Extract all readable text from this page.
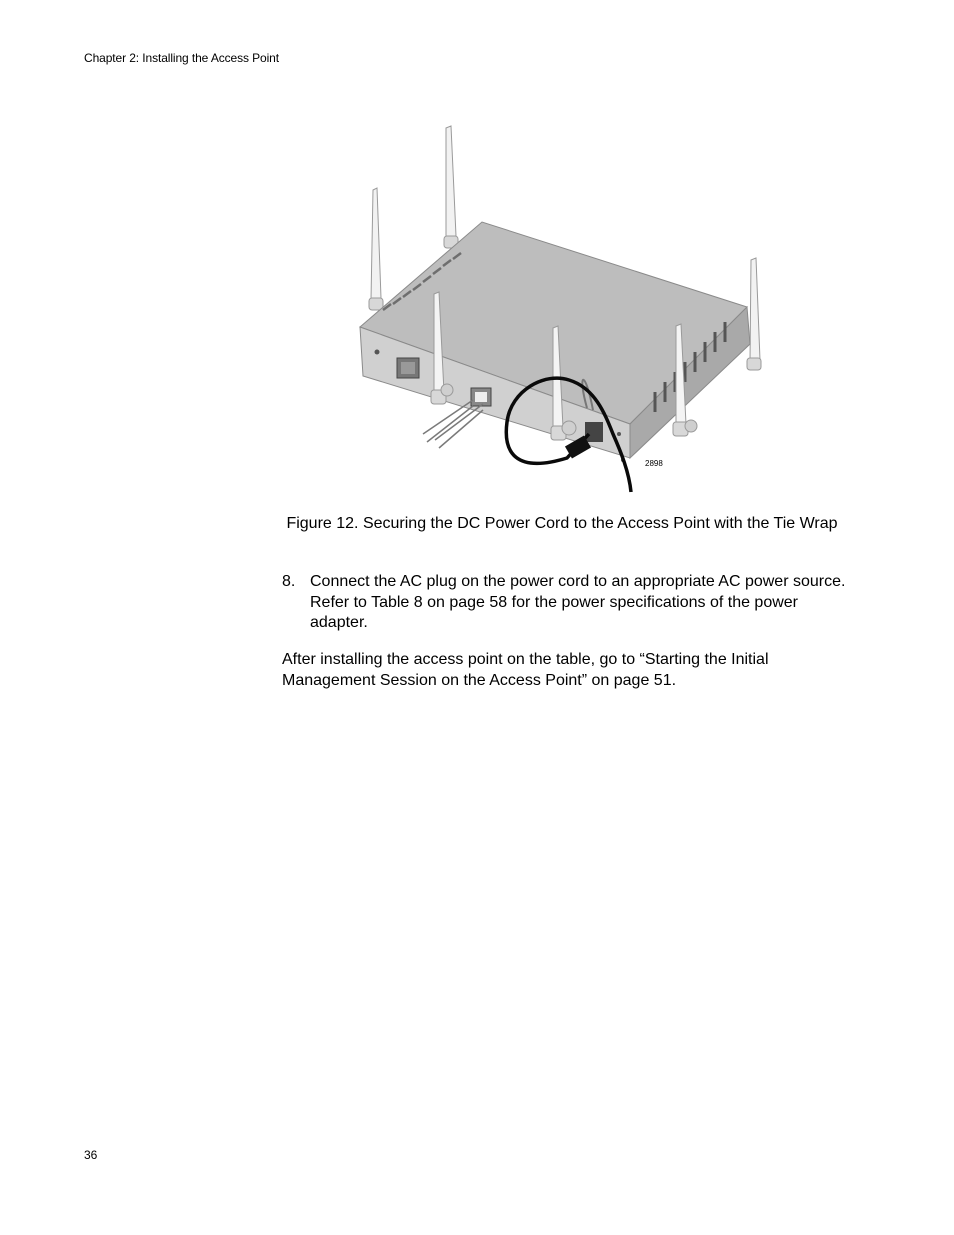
Chapter 2: Installing the Access Point
2898
Figure 12. Securing the DC Power Cord to the Access Point with the Tie Wrap
8. Connect the AC plug on the power cord to an appropriate AC power source. Refer to Table 8 on page 58 for the power specifications of the power adapter.
After installing the access point on the table, go to “Starting the Initial Management Session on the Access Point” on page 51.
36
